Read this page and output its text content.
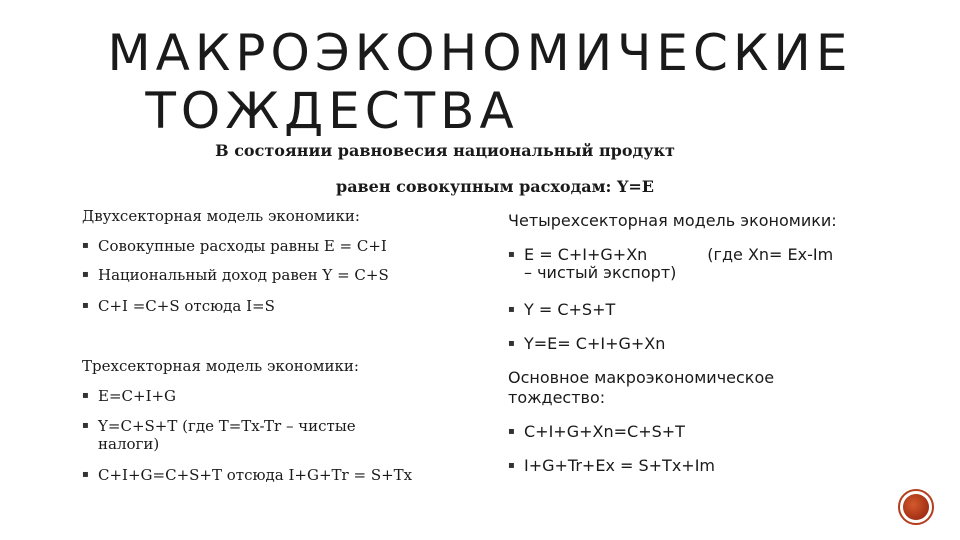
МАКРОЭКОНОМИЧЕСКИЕ
ТОЖДЕСТВА
В состоянии равновесия национальный продукт
равен совокупным расходам: Y=E
Двухсекторная модель экономики:
▪ Совокупные расходы равны E = C+I
▪ Национальный доход равен Y = C+S
▪ C+I =C+S отсюда I=S
Трехсекторная модель экономики:
▪ E=C+I+G
▪ Y=C+S+T (где T=Tx-Tr – чистые налоги)
▪ C+I+G=C+S+T отсюда I+G+Tr = S+Tx
Четырехсекторная модель экономики:
▪ E = C+I+G+Xn	(где Xn= Ex-Im
– чистый экспорт)
▪ Y = C+S+T
▪ Y=E= C+I+G+Xn
Основное макроэкономическое тождество:
▪ C+I+G+Xn=C+S+T
▪ I+G+Tr+Ex = S+Tx+Im
